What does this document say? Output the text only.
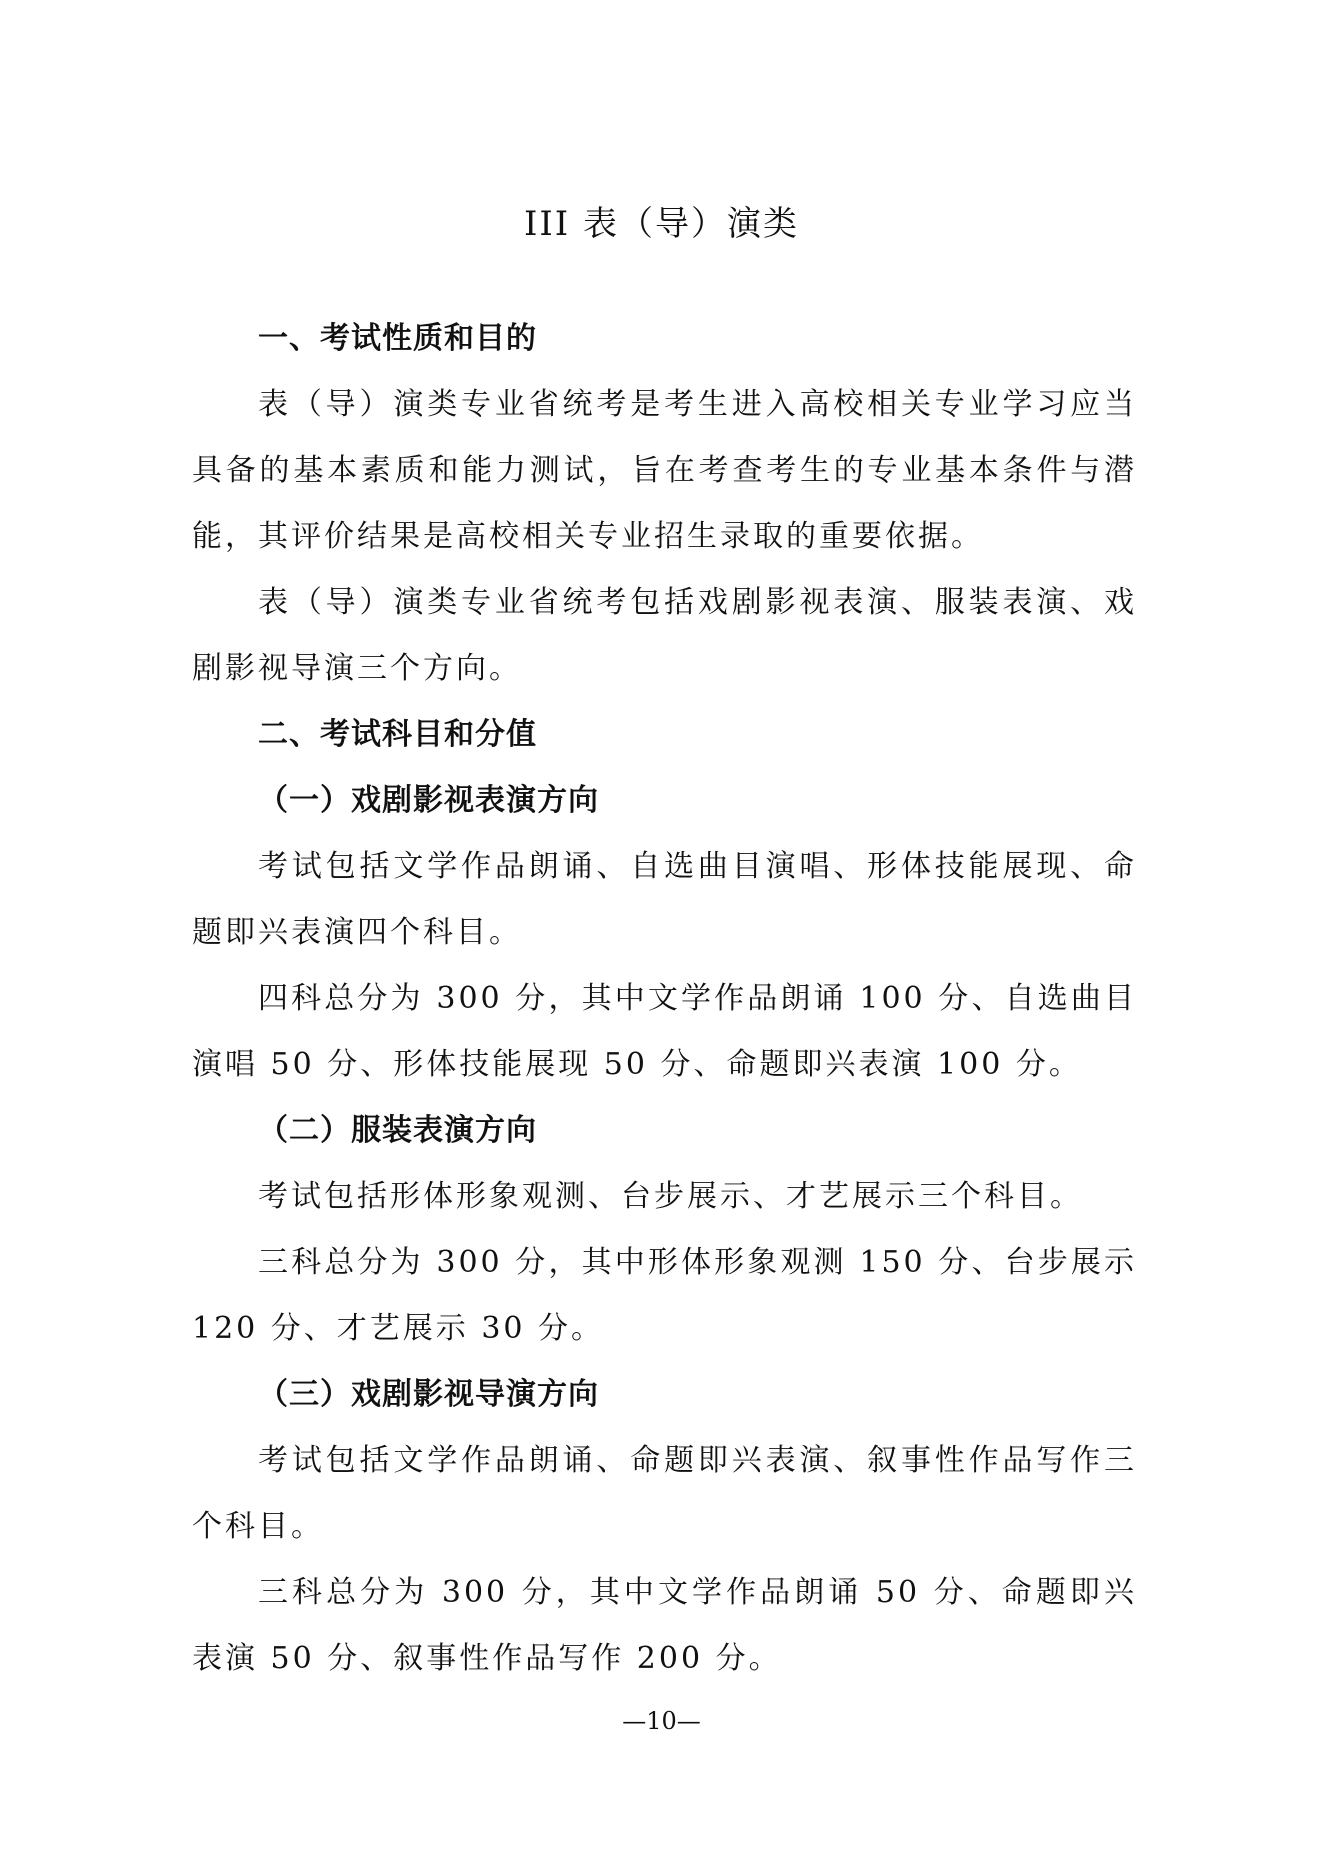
III 表（导）演类

一、考试性质和目的

表（导）演类专业省统考是考生进入高校相关专业学习应当具备的基本素质和能力测试，旨在考查考生的专业基本条件与潜能，其评价结果是高校相关专业招生录取的重要依据。

表（导）演类专业省统考包括戏剧影视表演、服装表演、戏剧影视导演三个方向。

二、考试科目和分值

（一）戏剧影视表演方向

考试包括文学作品朗诵、自选曲目演唱、形体技能展现、命题即兴表演四个科目。

四科总分为 300 分，其中文学作品朗诵 100 分、自选曲目演唱 50 分、形体技能展现 50 分、命题即兴表演 100 分。

（二）服装表演方向

考试包括形体形象观测、台步展示、才艺展示三个科目。

三科总分为 300 分，其中形体形象观测 150 分、台步展示 120 分、才艺展示 30 分。

（三）戏剧影视导演方向

考试包括文学作品朗诵、命题即兴表演、叙事性作品写作三个科目。

三科总分为 300 分，其中文学作品朗诵 50 分、命题即兴表演 50 分、叙事性作品写作 200 分。

—10—
